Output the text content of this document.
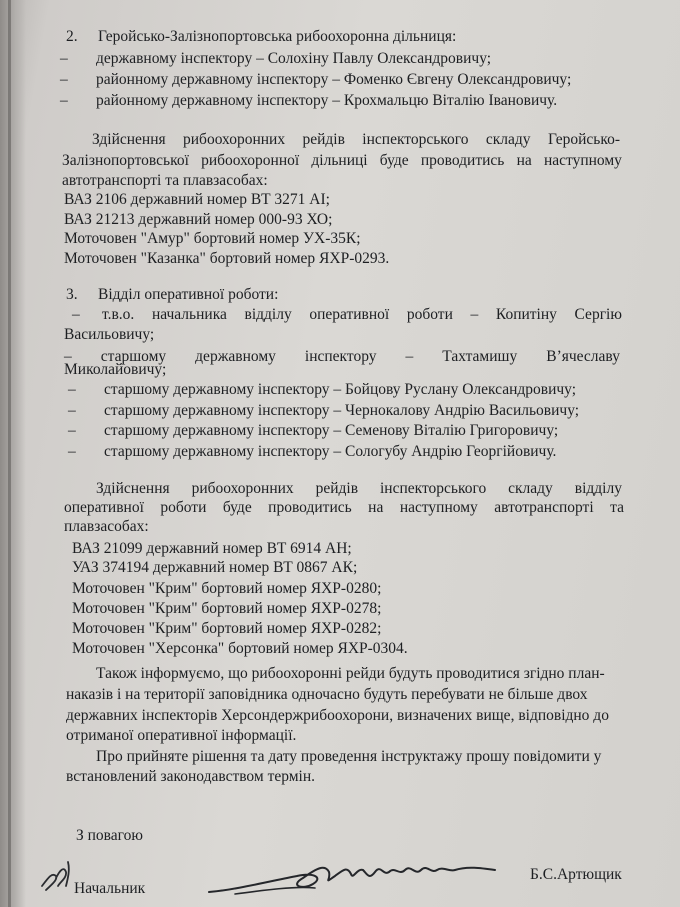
2. Геройсько-Залізнопортовська рибоохоронна дільниця:
– державному інспектору – Солохіну Павлу Олександровичу;
– районному державному інспектору – Фоменко Євгену Олександровичу;
– районному державному інспектору – Крохмальцю Віталію Івановичу.
Здійснення рибоохоронних рейдів інспекторського складу Геройсько-
Залізнопортовської рибоохоронної дільниці буде проводитись на наступному
автотранспорті та плавзасобах:
ВАЗ 2106 державний номер ВТ 3271 АІ;
ВАЗ 21213 державний номер 000-93 ХО;
Моточовен "Амур" бортовий номер УХ-35К;
Моточовен "Казанка" бортовий номер ЯХР-0293.
3. Відділ оперативної роботи:
– т.в.о. начальника відділу оперативної роботи – Копитіну Сергію
Васильовичу;
– старшому державному інспектору – Тахтамишу В’ячеславу
Миколайовичу;
– старшому державному інспектору – Бойцову Руслану Олександровичу;
– старшому державному інспектору – Чернокалову Андрію Васильовичу;
– старшому державному інспектору – Семенову Віталію Григоровичу;
– старшому державному інспектору – Сологубу Андрію Георгійовичу.
Здійснення рибоохоронних рейдів інспекторського складу відділу
оперативної роботи буде проводитись на наступному автотранспорті та
плавзасобах:
ВАЗ 21099 державний номер ВТ 6914 АН;
УАЗ 374194 державний номер ВТ 0867 АК;
Моточовен "Крим" бортовий номер ЯХР-0280;
Моточовен "Крим" бортовий номер ЯХР-0278;
Моточовен "Крим" бортовий номер ЯХР-0282;
Моточовен "Херсонка" бортовий номер ЯХР-0304.
Також інформуємо, що рибоохоронні рейди будуть проводитися згідно план-
наказів і на території заповідника одночасно будуть перебувати не більше двох
державних інспекторів Херсондержрибоохорони, визначених вище, відповідно до
отриманої оперативної інформації.
Про прийняте рішення та дату проведення інструктажу прошу повідомити у
встановлений законодавством термін.
З повагою
Начальник
Б.С.Артющик
